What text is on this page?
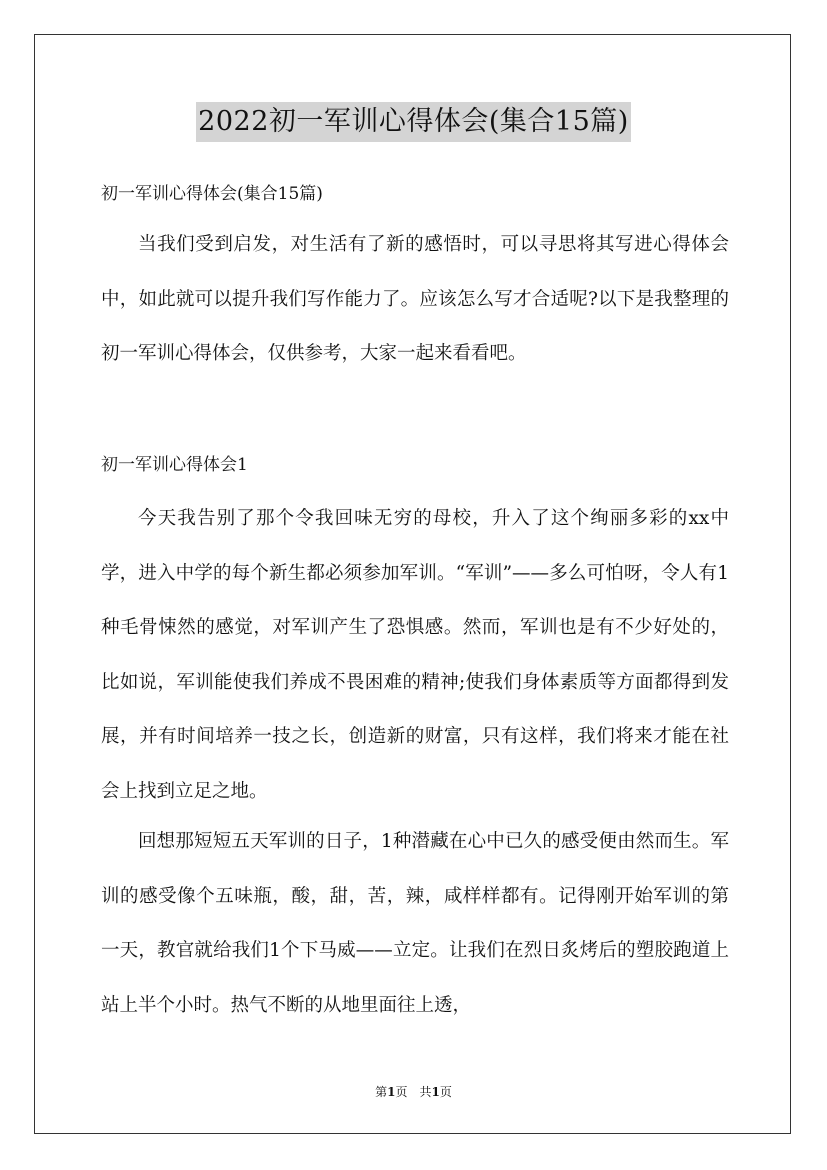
2022初一军训心得体会(集合15篇)
初一军训心得体会(集合15篇)

当我们受到启发，对生活有了新的感悟时，可以寻思将其写进心得体会中，如此就可以提升我们写作能力了。应该怎么写才合适呢?以下是我整理的初一军训心得体会，仅供参考，大家一起来看看吧。

初一军训心得体会1

今天我告别了那个令我回味无穷的母校，升入了这个绚丽多彩的xx中学，进入中学的每个新生都必须参加军训。“军训”——多么可怕呀，令人有1种毛骨悚然的感觉，对军训产生了恐惧感。然而，军训也是有不少好处的，比如说，军训能使我们养成不畏困难的精神;使我们身体素质等方面都得到发展，并有时间培养一技之长，创造新的财富，只有这样，我们将来才能在社会上找到立足之地。

回想那短短五天军训的日子，1种潜藏在心中已久的感受便由然而生。军训的感受像个五味瓶，酸，甜，苦，辣，咸样样都有。记得刚开始军训的第一天，教官就给我们1个下马威——立定。让我们在烈日炙烤后的塑胶跑道上站上半个小时。热气不断的从地里面往上透，

第1页　共1页
